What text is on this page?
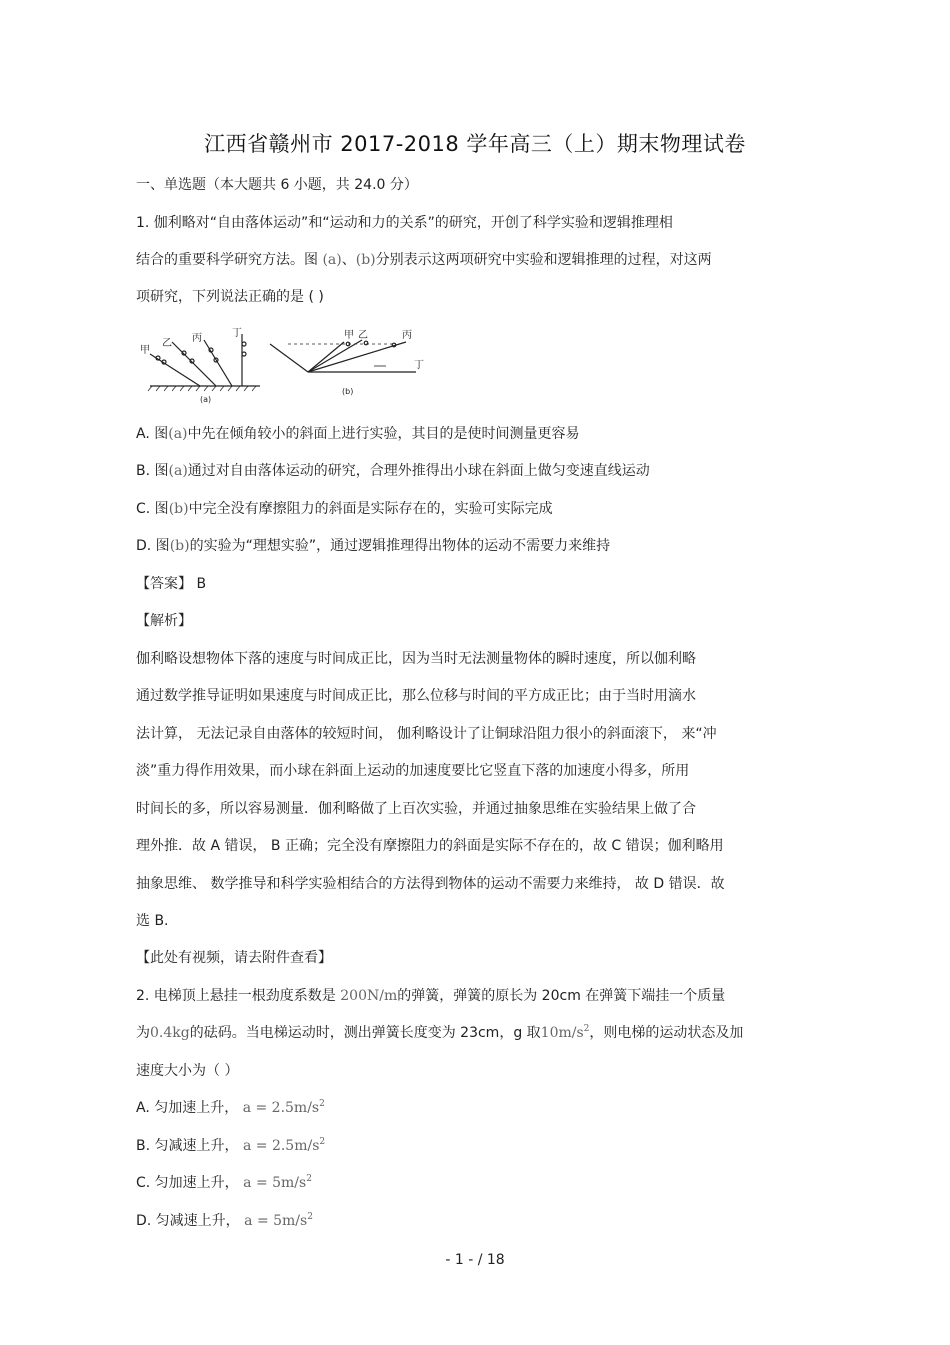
江西省赣州市 2017-2018 学年高三（上）期末物理试卷
一、单选题（本大题共 6 小题，共 24.0 分）
1. 伽利略对“自由落体运动”和“运动和力的关系”的研究，开创了科学实验和逻辑推理相
结合的重要科学研究方法。图 (a)、(b)分别表示这两项研究中实验和逻辑推理的过程，对这两
项研究，下列说法正确的是 ( )
甲
乙 丙	丁
(a)
甲 乙	丙
丁
(b)
A. 图(a)中先在倾角较小的斜面上进行实验，其目的是使时间测量更容易
B. 图(a)通过对自由落体运动的研究，合理外推得出小球在斜面上做匀变速直线运动
C. 图(b)中完全没有摩擦阻力的斜面是实际存在的，实验可实际完成
D. 图(b)的实验为“理想实验”，通过逻辑推理得出物体的运动不需要力来维持
【答案】 B
【解析】
伽利略设想物体下落的速度与时间成正比，因为当时无法测量物体的瞬时速度，所以伽利略
通过数学推导证明如果速度与时间成正比，那么位移与时间的平方成正比；由于当时用滴水
法计算， 无法记录自由落体的较短时间， 伽利略设计了让铜球沿阻力很小的斜面滚下， 来“冲
淡”重力得作用效果，而小球在斜面上运动的加速度要比它竖直下落的加速度小得多，所用
时间长的多，所以容易测量．伽利略做了上百次实验，并通过抽象思维在实验结果上做了合
理外推．故 A 错误， B 正确；完全没有摩擦阻力的斜面是实际不存在的，故 C 错误；伽利略用
抽象思维、 数学推导和科学实验相结合的方法得到物体的运动不需要力来维持， 故 D 错误．故
选 B.
【此处有视频，请去附件查看】
2. 电梯顶上悬挂一根劲度系数是 200N/m的弹簧，弹簧的原长为 20cm 在弹簧下端挂一个质量
为0.4kg的砝码。当电梯运动时，测出弹簧长度变为 23cm，g 取$10m/s^2$，则电梯的运动状态及加
速度大小为（ ）
A. 匀加速上升， $a = 2.5m/s^2$
B. 匀减速上升， $a = 2.5m/s^2$
C. 匀加速上升， $a = 5m/s^2$
D. 匀减速上升， $a = 5m/s^2$
- 1 - / 18
